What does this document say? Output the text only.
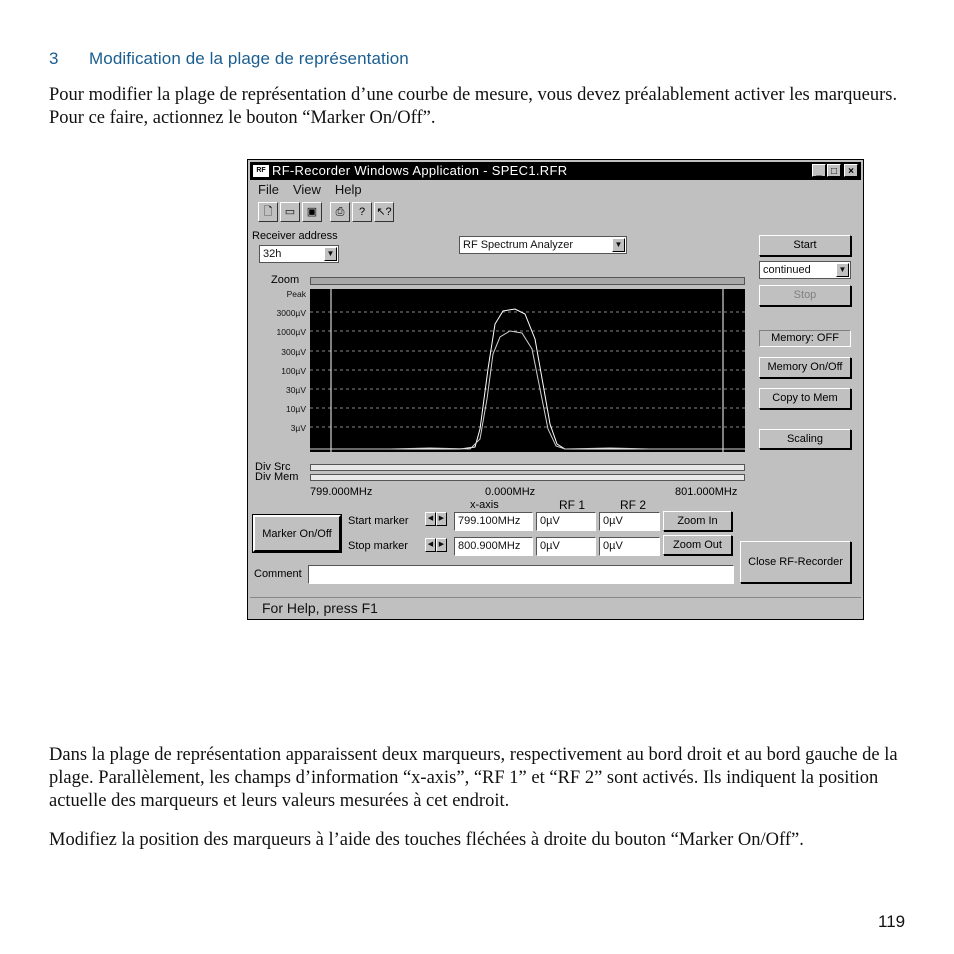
3 Modification de la plage de représentation

Pour modifier la plage de représentation d’une courbe de mesure, vous devez préalablement activer les marqueurs. Pour ce faire, actionnez le bouton “Marker On/Off”.

RF RF-Recorder Windows Application - SPEC1.RFR	_ □	×
File View Help
🗋	▭	▣	⎙	?	↖?
Receiver address
32h	▼
RF Spectrum Analyzer	▼
Zoom
Peak
3000µV
1000µV
300µV
100µV
30µV
10µV
3µV
Div Src
Div Mem
799.000MHz	0.000MHz	801.000MHz
x-axis	RF 1	RF 2
Marker On/Off
Start marker	◀ ▶	799.100MHz	0µV	0µV	Zoom In
Stop marker	◀ ▶	800.900MHz	0µV	0µV	Zoom Out
Comment
Start
continued	▼
Stop
Memory: OFF
Memory On/Off
Copy to Mem
Scaling
Close RF-Recorder
For Help, press F1

Dans la plage de représentation apparaissent deux marqueurs, respectivement au bord droit et au bord gauche de la plage. Parallèlement, les champs d’information “x-axis”, “RF 1” et “RF 2” sont activés. Ils indiquent la position actuelle des marqueurs et leurs valeurs mesurées à cet endroit.

Modifiez la position des marqueurs à l’aide des touches fléchées à droite du bouton “Marker On/Off”.

119
